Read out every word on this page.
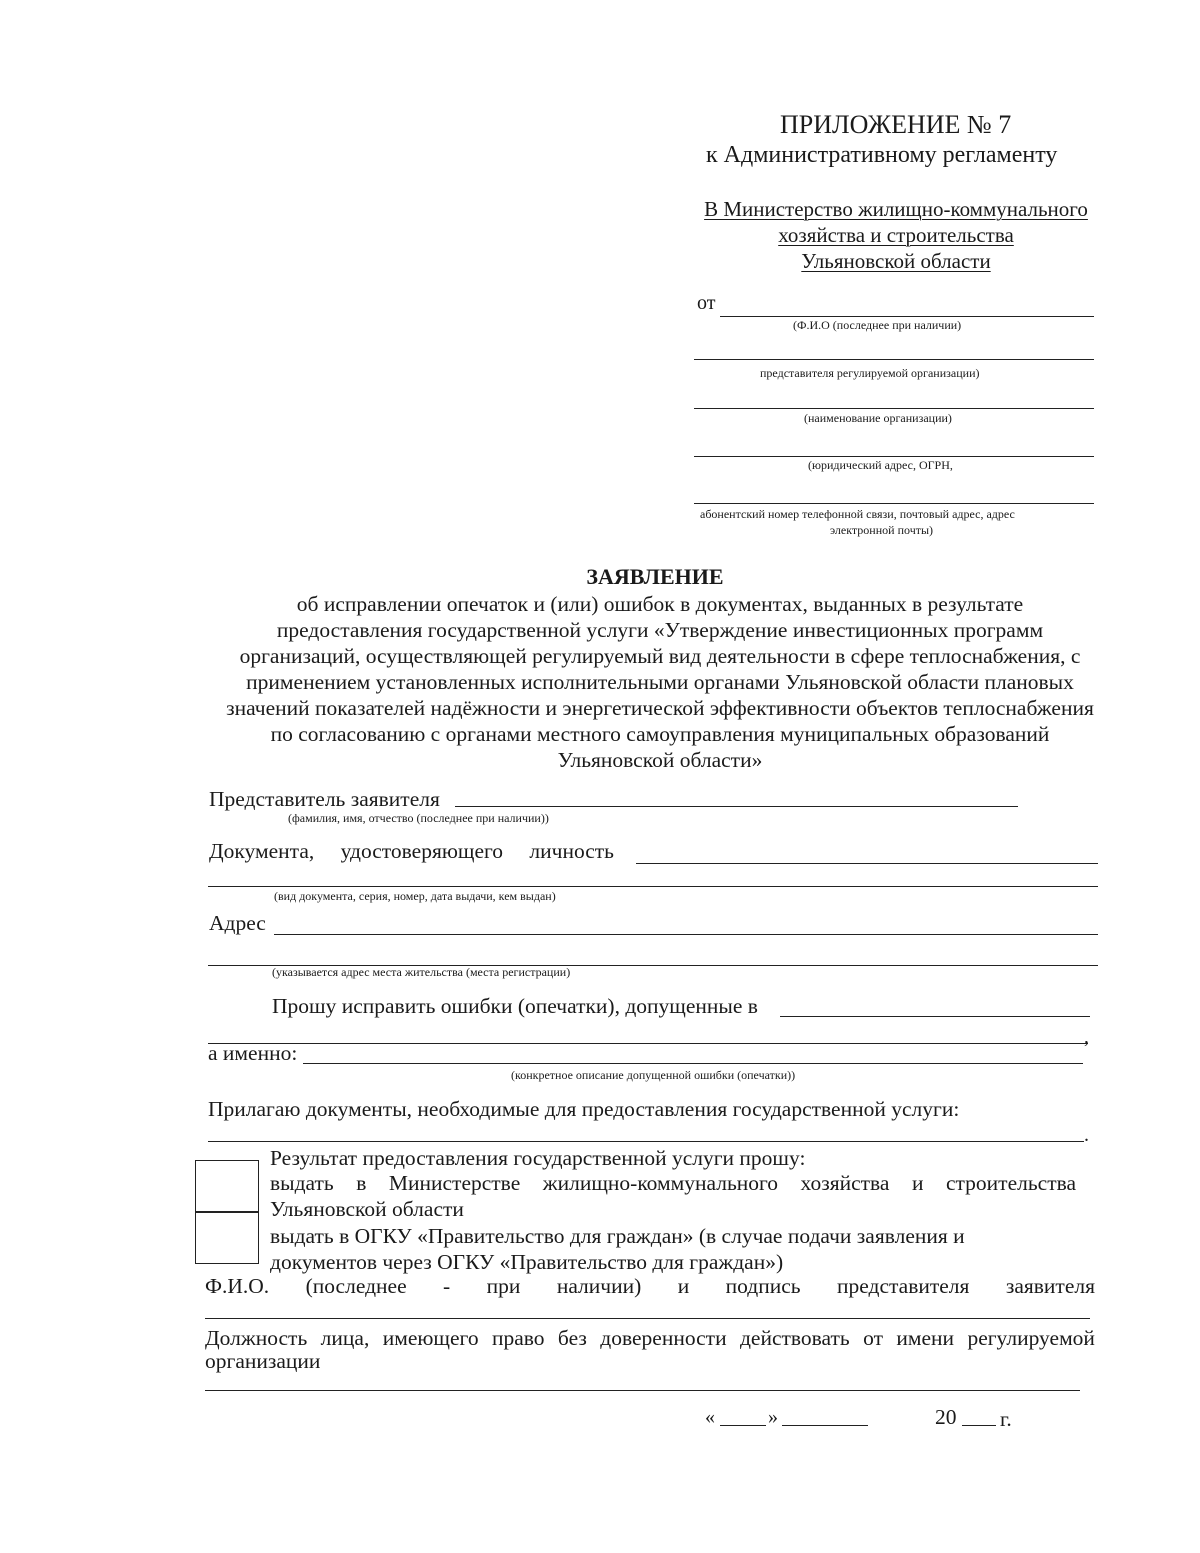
ПРИЛОЖЕНИЕ № 7
к Административному регламенту
В Министерство жилищно-коммунального
хозяйства и строительства
Ульяновской области
от
(Ф.И.О (последнее при наличии)
представителя регулируемой организации)
(наименование организации)
(юридический адрес, ОГРН,
абонентский номер телефонной связи, почтовый адрес, адрес
электронной почты)
ЗАЯВЛЕНИЕ
об исправлении опечаток и (или) ошибок в документах, выданных в результате
предоставления государственной услуги «Утверждение инвестиционных программ
организаций, осуществляющей регулируемый вид деятельности в сфере теплоснабжения, с
применением установленных исполнительными органами Ульяновской области плановых
значений показателей надёжности и энергетической эффективности объектов теплоснабжения
по согласованию с органами местного самоуправления муниципальных образований
Ульяновской области»
Представитель заявителя
(фамилия, имя, отчество (последнее при наличии))
Документа, удостоверяющего личность
(вид документа, серия, номер, дата выдачи, кем выдан)
Адрес
(указывается адрес места жительства (места регистрации)
Прошу исправить ошибки (опечатки), допущенные в
,
а именно:
(конкретное описание допущенной ошибки (опечатки))
Прилагаю документы, необходимые для предоставления государственной услуги:
.
Результат предоставления государственной услуги прошу:
выдать в Министерстве жилищно-коммунального хозяйства и строительства
Ульяновской области
выдать в ОГКУ «Правительство для граждан» (в случае подачи заявления и
документов через ОГКУ «Правительство для граждан»)
Ф.И.О. (последнее - при наличии) и подпись представителя заявителя
Должность лица, имеющего право без доверенности действовать от имени регулируемой
организации
«	»	20 г.
